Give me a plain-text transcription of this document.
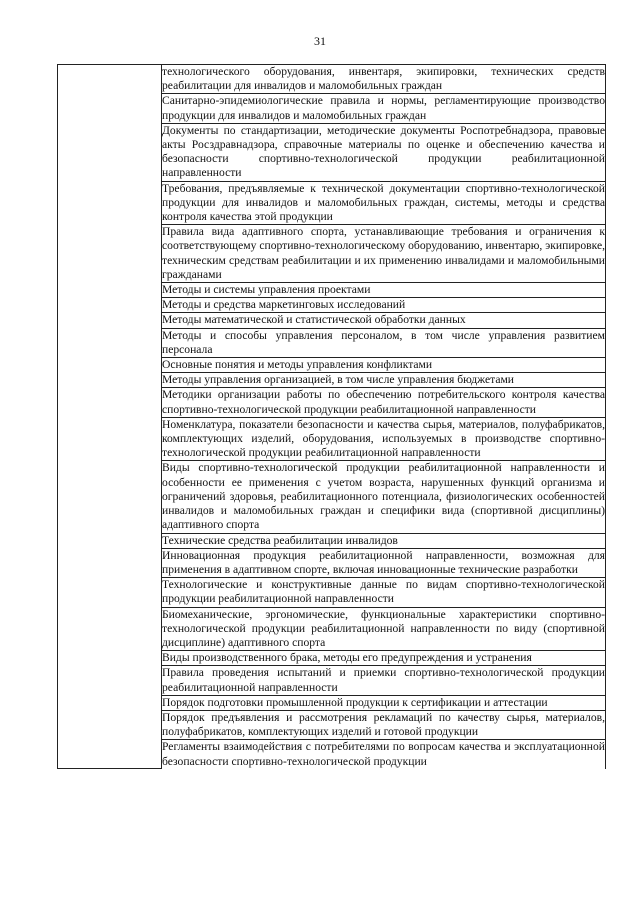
31
	технологического оборудования, инвентаря, экипировки, технических средств реабилитации для инвалидов и маломобильных граждан
Санитарно-эпидемиологические правила и нормы, регламентирующие производство продукции для инвалидов и маломобильных граждан
Документы по стандартизации, методические документы Роспотребнадзора, правовые акты Росздравнадзора, справочные материалы по оценке и обеспечению качества и безопасности спортивно-технологической продукции реабилитационной направленности
Требования, предъявляемые к технической документации спортивно-технологической продукции для инвалидов и маломобильных граждан, системы, методы и средства контроля качества этой продукции
Правила вида адаптивного спорта, устанавливающие требования и ограничения к соответствующему спортивно-технологическому оборудованию, инвентарю, экипировке, техническим средствам реабилитации и их применению инвалидами и маломобильными гражданами
Методы и системы управления проектами
Методы и средства маркетинговых исследований
Методы математической и статистической обработки данных
Методы и способы управления персоналом, в том числе управления развитием персонала
Основные понятия и методы управления конфликтами
Методы управления организацией, в том числе управления бюджетами
Методики организации работы по обеспечению потребительского контроля качества спортивно-технологической продукции реабилитационной направленности
Номенклатура, показатели безопасности и качества сырья, материалов, полуфабрикатов, комплектующих изделий, оборудования, используемых в производстве спортивно-технологической продукции реабилитационной направленности
Виды спортивно-технологической продукции реабилитационной направленности и особенности ее применения с учетом возраста, нарушенных функций организма и ограничений здоровья, реабилитационного потенциала, физиологических особенностей инвалидов и маломобильных граждан и специфики вида (спортивной дисциплины) адаптивного спорта
Технические средства реабилитации инвалидов
Инновационная продукция реабилитационной направленности, возможная для применения в адаптивном спорте, включая инновационные технические разработки
Технологические и конструктивные данные по видам спортивно-технологической продукции реабилитационной направленности
Биомеханические, эргономические, функциональные характеристики спортивно-технологической продукции реабилитационной направленности по виду (спортивной дисциплине) адаптивного спорта
Виды производственного брака, методы его предупреждения и устранения
Правила проведения испытаний и приемки спортивно-технологической продукции реабилитационной направленности
Порядок подготовки промышленной продукции к сертификации и аттестации
Порядок предъявления и рассмотрения рекламаций по качеству сырья, материалов, полуфабрикатов, комплектующих изделий и готовой продукции
Регламенты взаимодействия с потребителями по вопросам качества и эксплуатационной безопасности спортивно-технологической продукции
